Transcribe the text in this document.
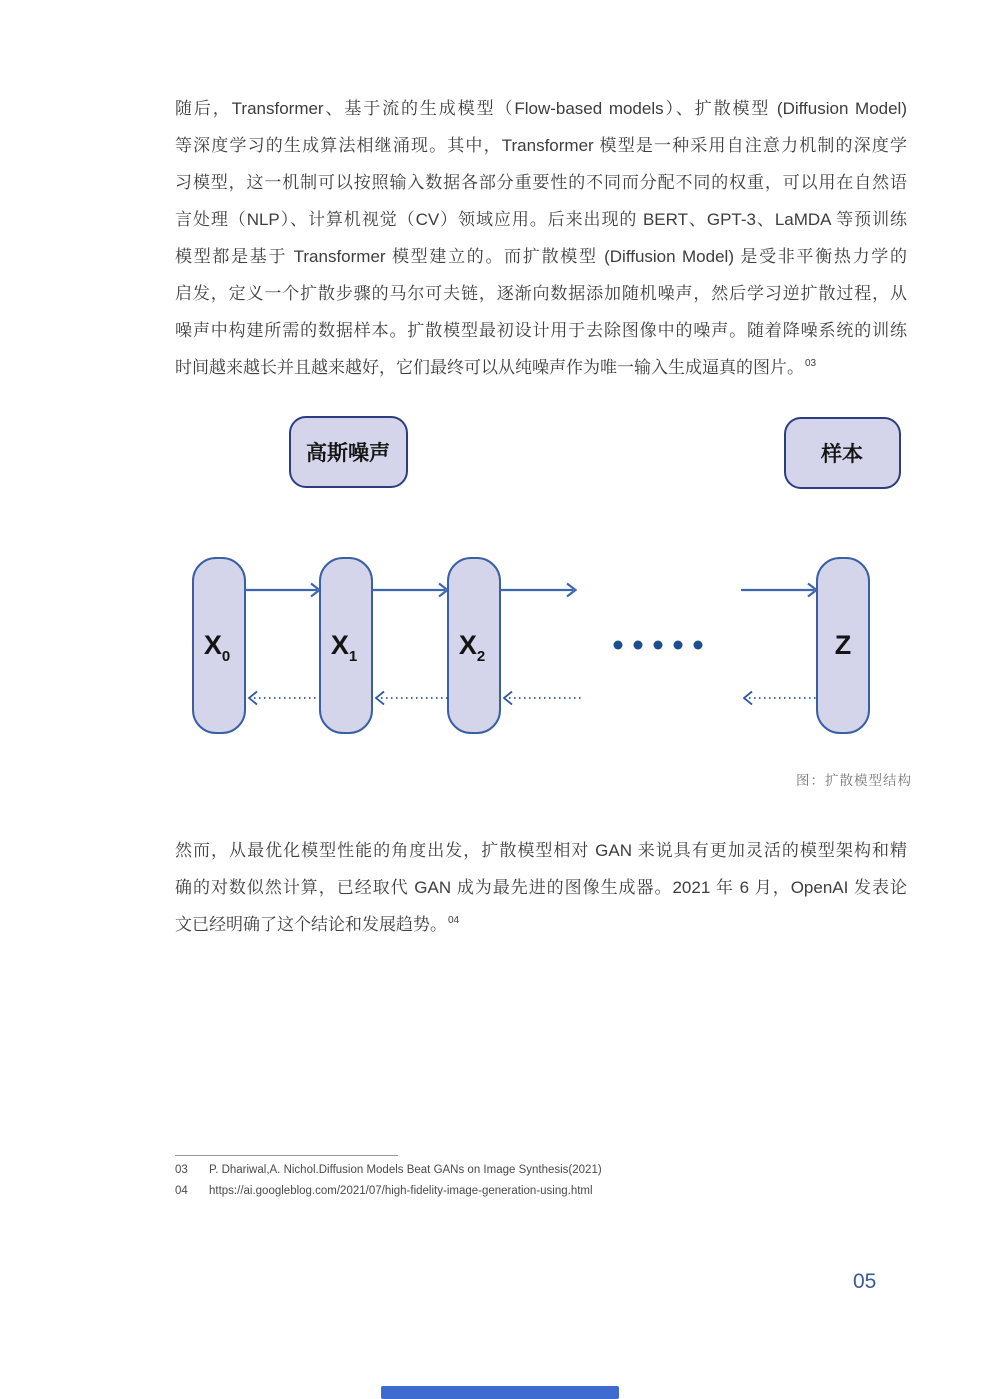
随后，Transformer、基于流的生成模型（Flow-based models）、扩散模型 (Diffusion Model)
等深度学习的生成算法相继涌现。其中，Transformer 模型是一种采用自注意力机制的深度学
习模型，这一机制可以按照输入数据各部分重要性的不同而分配不同的权重，可以用在自然语
言处理（NLP）、计算机视觉（CV）领域应用。后来出现的 BERT、GPT-3、LaMDA 等预训练
模型都是基于 Transformer 模型建立的。而扩散模型 (Diffusion Model) 是受非平衡热力学的
启发，定义一个扩散步骤的马尔可夫链，逐渐向数据添加随机噪声，然后学习逆扩散过程，从
噪声中构建所需的数据样本。扩散模型最初设计用于去除图像中的噪声。随着降噪系统的训练
时间越来越长并且越来越好，它们最终可以从纯噪声作为唯一输入生成逼真的图片。$^{03}$
高斯噪声	样本
$X_0$	$X_1$	$X_2$	Z
图：扩散模型结构
然而，从最优化模型性能的角度出发，扩散模型相对 GAN 来说具有更加灵活的模型架构和精
确的对数似然计算，已经取代 GAN 成为最先进的图像生成器。2021 年 6 月，OpenAI 发表论
文已经明确了这个结论和发展趋势。$^{04}$
03	P. Dhariwal,A. Nichol.Diffusion Models Beat GANs on Image Synthesis(2021)
04	https://ai.googleblog.com/2021/07/high-fidelity-image-generation-using.html
05
